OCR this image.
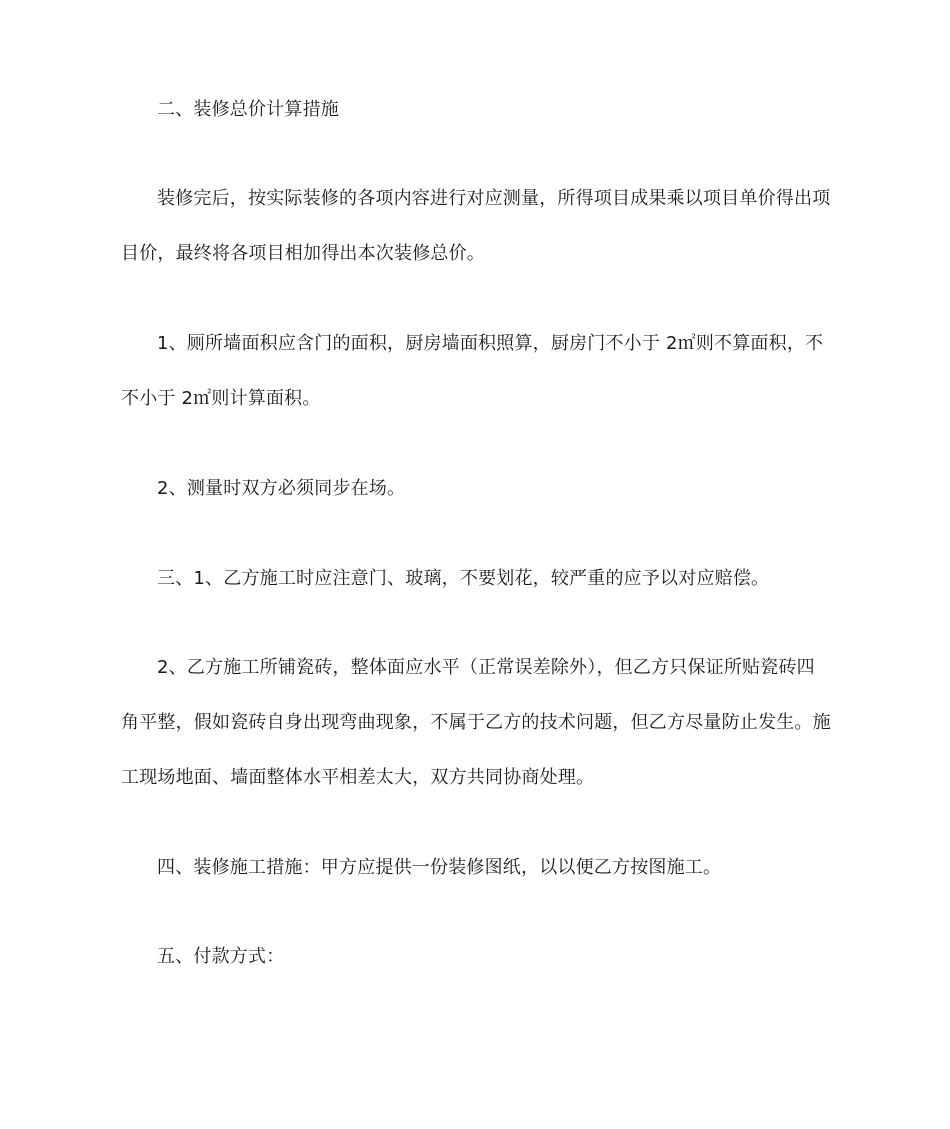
二、装修总价计算措施
装修完后，按实际装修的各项内容进行对应测量，所得项目成果乘以项目单价得出项
目价，最终将各项目相加得出本次装修总价。
1、厕所墙面积应含门的面积，厨房墙面积照算，厨房门不小于 2㎡则不算面积，不
不小于 2㎡则计算面积。
2、测量时双方必须同步在场。
三、1、乙方施工时应注意门、玻璃，不要划花，较严重的应予以对应赔偿。
2、乙方施工所铺瓷砖，整体面应水平（正常误差除外），但乙方只保证所贴瓷砖四
角平整，假如瓷砖自身出现弯曲现象，不属于乙方的技术问题，但乙方尽量防止发生。施
工现场地面、墙面整体水平相差太大，双方共同协商处理。
四、装修施工措施：甲方应提供一份装修图纸，以以便乙方按图施工。
五、付款方式：
